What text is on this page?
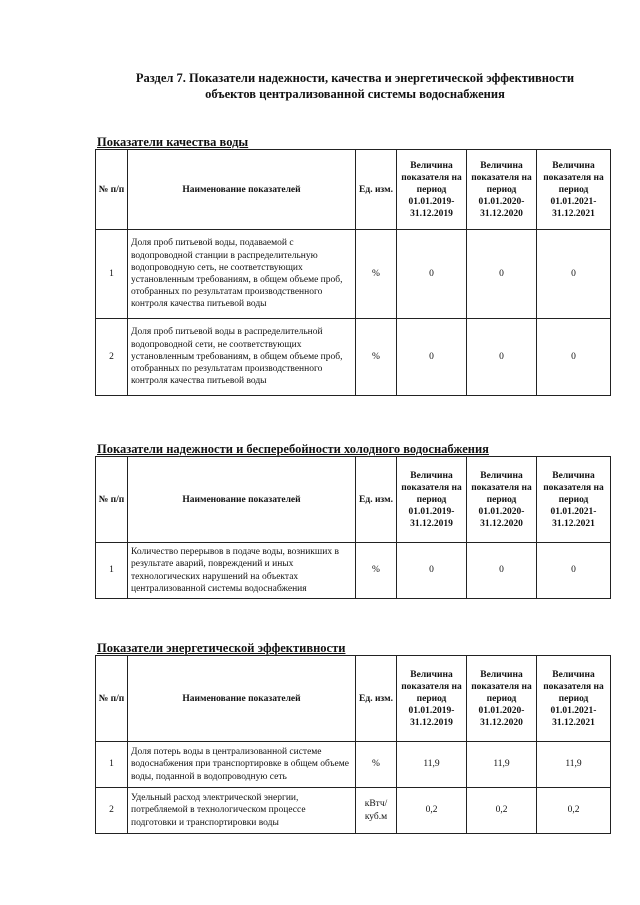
Раздел 7. Показатели надежности, качества и энергетической эффективности
объектов централизованной системы водоснабжения
Показатели качества воды
№ п/п	Наименование показателей	Ед. изм.	Величина показателя на период 01.01.2019-31.12.2019	Величина показателя на период 01.01.2020-31.12.2020	Величина показателя на период 01.01.2021-31.12.2021
1	Доля проб питьевой воды, подаваемой с водопроводной станции в распределительную водопроводную сеть, не соответствующих установленным требованиям, в общем объеме проб, отобранных по результатам производственного контроля качества питьевой воды	%	0	0	0
2	Доля проб питьевой воды в распределительной водопроводной сети, не соответствующих установленным требованиям, в общем объеме проб, отобранных по результатам производственного контроля качества питьевой воды	%	0	0	0
Показатели надежности и бесперебойности холодного водоснабжения
№ п/п	Наименование показателей	Ед. изм.	Величина показателя на период 01.01.2019-31.12.2019	Величина показателя на период 01.01.2020-31.12.2020	Величина показателя на период 01.01.2021-31.12.2021
1	Количество перерывов в подаче воды, возникших в результате аварий, повреждений и иных технологических нарушений на объектах централизованной системы водоснабжения	%	0	0	0
Показатели энергетической эффективности
№ п/п	Наименование показателей	Ед. изм.	Величина показателя на период 01.01.2019-31.12.2019	Величина показателя на период 01.01.2020-31.12.2020	Величина показателя на период 01.01.2021-31.12.2021
1	Доля потерь воды в централизованной системе водоснабжения при транспортировке в общем объеме воды, поданной в водопроводную сеть	%	11,9	11,9	11,9
2	Удельный расход электрической энергии, потребляемой в технологическом процессе подготовки и транспортировки воды	кВтч/ куб.м	0,2	0,2	0,2
